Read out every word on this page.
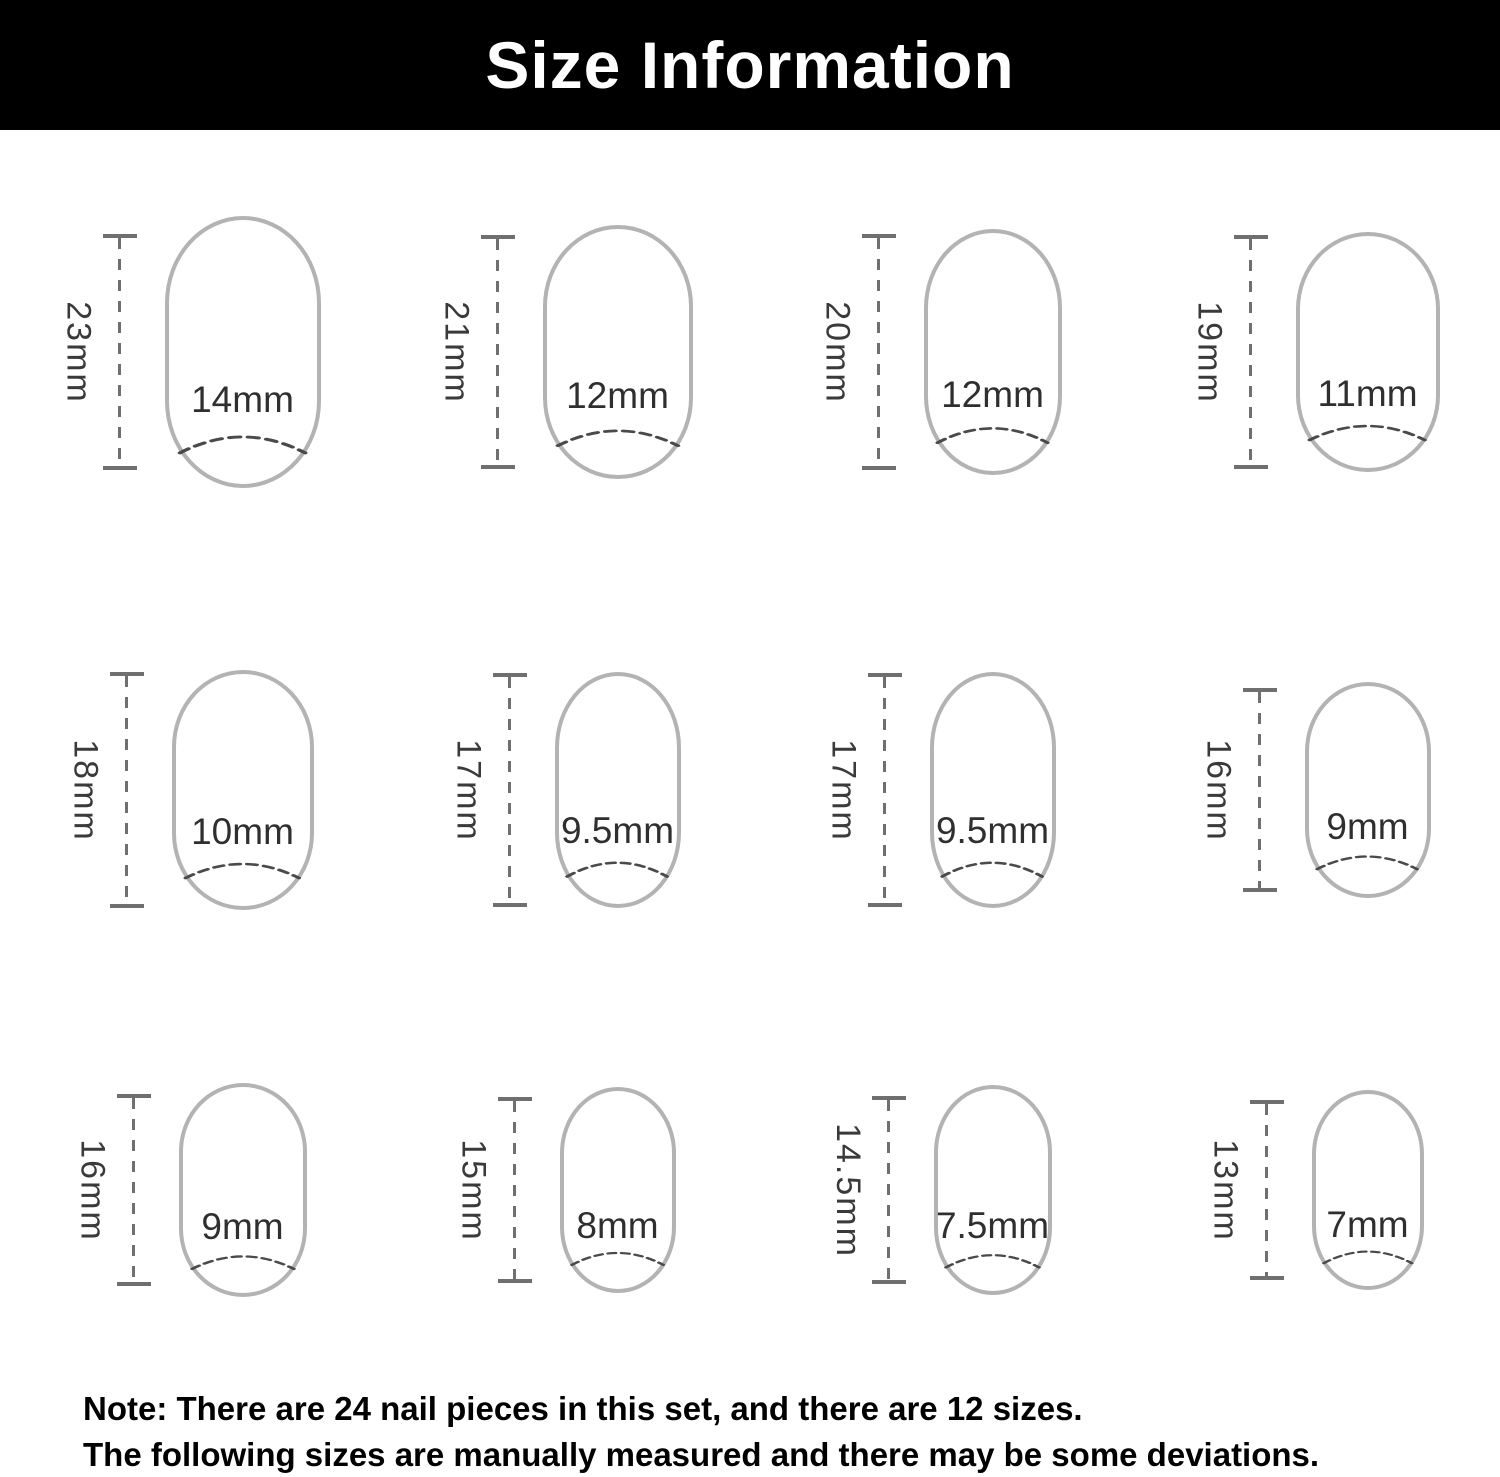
Size Information
23mm	14mm	21mm	12mm	20mm	12mm	19mm	11mm
18mm	10mm	17mm	9.5mm	17mm	9.5mm	16mm	9mm
16mm	9mm	15mm	8mm	14.5mm	7.5mm	13mm	7mm

Note: There are 24 nail pieces in this set, and there are 12 sizes.

The following sizes are manually measured and there may be some deviations.
